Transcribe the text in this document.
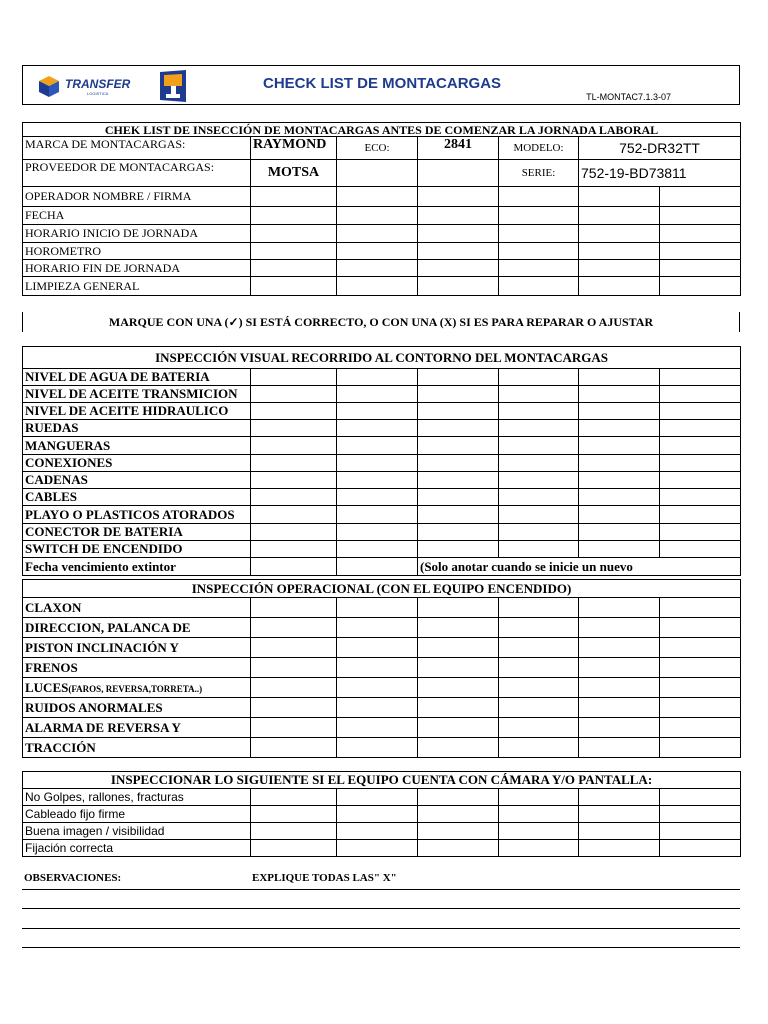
TRANSFER
LOGISTICA
CHECK LIST DE MONTACARGAS
TL-MONTAC7.1.3-07
CHEK LIST DE INSECCIÓN DE MONTACARGAS ANTES DE COMENZAR LA JORNADA LABORAL						
MARCA DE MONTACARGAS:	RAYMOND	ECO:	2841	MODELO:	752-DR32TT	
PROVEEDOR DE MONTACARGAS:	MOTSA			SERIE:	752-19-BD73811	
OPERADOR NOMBRE / FIRMA						
FECHA						
HORARIO INICIO DE JORNADA						
HOROMETRO						
HORARIO FIN DE JORNADA						
LIMPIEZA GENERAL						
MARQUE CON UNA (✓) SI ESTÁ CORRECTO, O CON UNA (X) SI ES PARA REPARAR O AJUSTAR
INSPECCIÓN VISUAL RECORRIDO AL CONTORNO DEL MONTACARGAS						
NIVEL DE AGUA DE BATERIA						
NIVEL DE ACEITE TRANSMICION						
NIVEL DE ACEITE HIDRAULICO						
RUEDAS						
MANGUERAS						
CONEXIONES						
CADENAS						
CABLES						
PLAYO O PLASTICOS ATORADOS						
CONECTOR DE BATERIA						
SWITCH DE ENCENDIDO						
Fecha vencimiento extintor			(Solo anotar cuando se inicie un nuevo			
INSPECCIÓN OPERACIONAL (CON EL EQUIPO ENCENDIDO)						
CLAXON						
DIRECCION, PALANCA DE						
PISTON INCLINACIÓN Y						
FRENOS						
LUCES(FAROS, REVERSA,TORRETA..)						
RUIDOS ANORMALES						
ALARMA DE REVERSA Y						
TRACCIÓN						
INSPECCIONAR LO SIGUIENTE SI EL EQUIPO CUENTA CON CÁMARA Y/O PANTALLA:						
No Golpes, rallones, fracturas						
Cableado fijo firme						
Buena imagen / visibilidad						
Fijación correcta						
OBSERVACIONES:	EXPLIQUE TODAS LAS" X"
